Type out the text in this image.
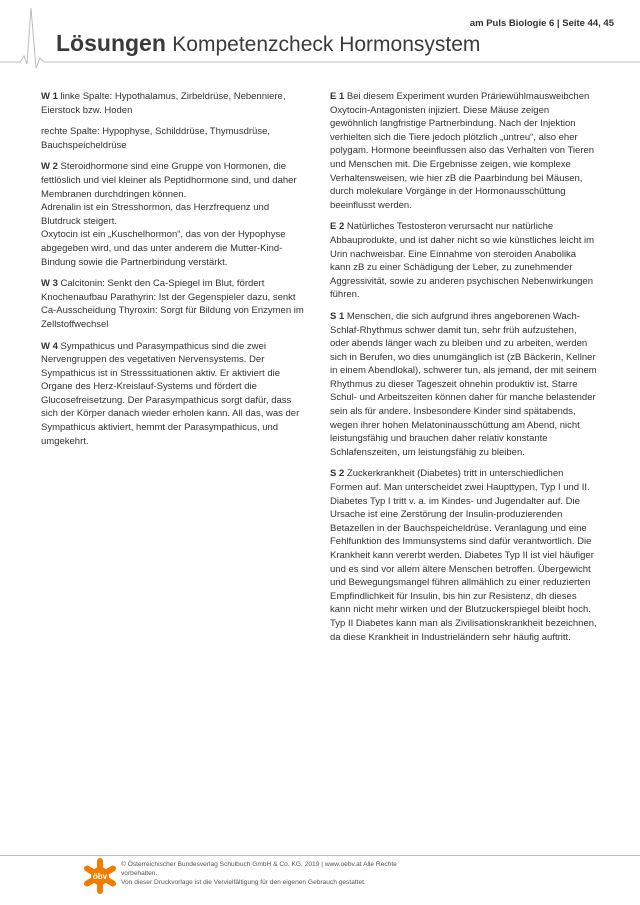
am Puls Biologie 6 | Seite 44, 45
Lösungen Kompetenzcheck Hormonsystem

W 1 linke Spalte: Hypothalamus, Zirbeldrüse, Nebenniere, Eierstock bzw. Hoden

rechte Spalte: Hypophyse, Schilddrüse, Thymusdrüse, Bauchspeicheldrüse

W 2 Steroidhormone sind eine Gruppe von Hormonen, die fettlöslich und viel kleiner als Peptidhormone sind, und daher Membranen durchdringen können.

Adrenalin ist ein Stresshormon, das Herzfrequenz und Blutdruck steigert.

Oxytocin ist ein „Kuschelhormon“, das von der Hypophyse abgegeben wird, und das unter anderem die Mutter-Kind-Bindung sowie die Partnerbindung verstärkt.

W 3 Calcitonin: Senkt den Ca-Spiegel im Blut, fördert Knochenaufbau Parathyrin: Ist der Gegenspieler dazu, senkt Ca-Ausscheidung Thyroxin: Sorgt für Bildung von Enzymen im Zellstoffwechsel

W 4 Sympathicus und Parasympathicus sind die zwei Nervengruppen des vegetativen Nervensystems. Der Sympathicus ist in Stresssituationen aktiv. Er aktiviert die Organe des Herz-Kreislauf-Systems und fördert die Glucosefreisetzung. Der Parasympathicus sorgt dafür, dass sich der Körper danach wieder erholen kann. All das, was der Sympathicus aktiviert, hemmt der Parasympathicus, und umgekehrt.

E 1 Bei diesem Experiment wurden Präriewühlmausweibchen Oxytocin-Antagonisten injiziert. Diese Mäuse zeigen gewöhnlich langfristige Partnerbindung. Nach der Injektion verhielten sich die Tiere jedoch plötzlich „untreu“, also eher polygam. Hormone beeinflussen also das Verhalten von Tieren und Menschen mit. Die Ergebnisse zeigen, wie komplexe Verhaltensweisen, wie hier zB die Paarbindung bei Mäusen, durch molekulare Vorgänge in der Hormonausschüttung beeinflusst werden.

E 2 Natürliches Testosteron verursacht nur natürliche Abbauprodukte, und ist daher nicht so wie künstliches leicht im Urin nachweisbar. Eine Einnahme von steroiden Anabolika kann zB zu einer Schädigung der Leber, zu zunehmender Aggressivität, sowie zu anderen psychischen Nebenwirkungen führen.

S 1 Menschen, die sich aufgrund ihres angeborenen Wach-Schlaf-Rhythmus schwer damit tun, sehr früh aufzustehen, oder abends länger wach zu bleiben und zu arbeiten, werden sich in Berufen, wo dies unumgänglich ist (zB Bäckerin, Kellner in einem Abendlokal), schwerer tun, als jemand, der mit seinem Rhythmus zu dieser Tageszeit ohnehin produktiv ist. Starre Schul- und Arbeitszeiten können daher für manche belastender sein als für andere. Insbesondere Kinder sind spätabends, wegen ihrer hohen Melatoninausschüttung am Abend, nicht leistungsfähig und brauchen daher relativ konstante Schlafenszeiten, um leistungsfähig zu bleiben.

S 2 Zuckerkrankheit (Diabetes) tritt in unterschiedlichen Formen auf. Man unterscheidet zwei Haupttypen, Typ I und II. Diabetes Typ I tritt v. a. im Kindes- und Jugendalter auf. Die Ursache ist eine Zerstörung der Insulin-produzierenden Betazellen in der Bauchspeicheldrüse. Veranlagung und eine Fehlfunktion des Immunsystems sind dafür verantwortlich. Die Krankheit kann vererbt werden. Diabetes Typ II ist viel häufiger und es sind vor allem ältere Menschen betroffen. Übergewicht und Bewegungsmangel führen allmählich zu einer reduzierten Empfindlichkeit für Insulin, bis hin zur Resistenz, dh dieses kann nicht mehr wirken und der Blutzuckerspiegel bleibt hoch. Typ II Diabetes kann man als Zivilisationskrankheit bezeichnen, da diese Krankheit in Industrieländern sehr häufig auftritt.

öbv
© Österreichischer Bundesverlag Schulbuch GmbH & Co. KG, 2019 | www.oebv.at Alle Rechte vorbehalten.
Von dieser Druckvorlage ist die Vervielfältigung für den eigenen Gebrauch gestattet.
